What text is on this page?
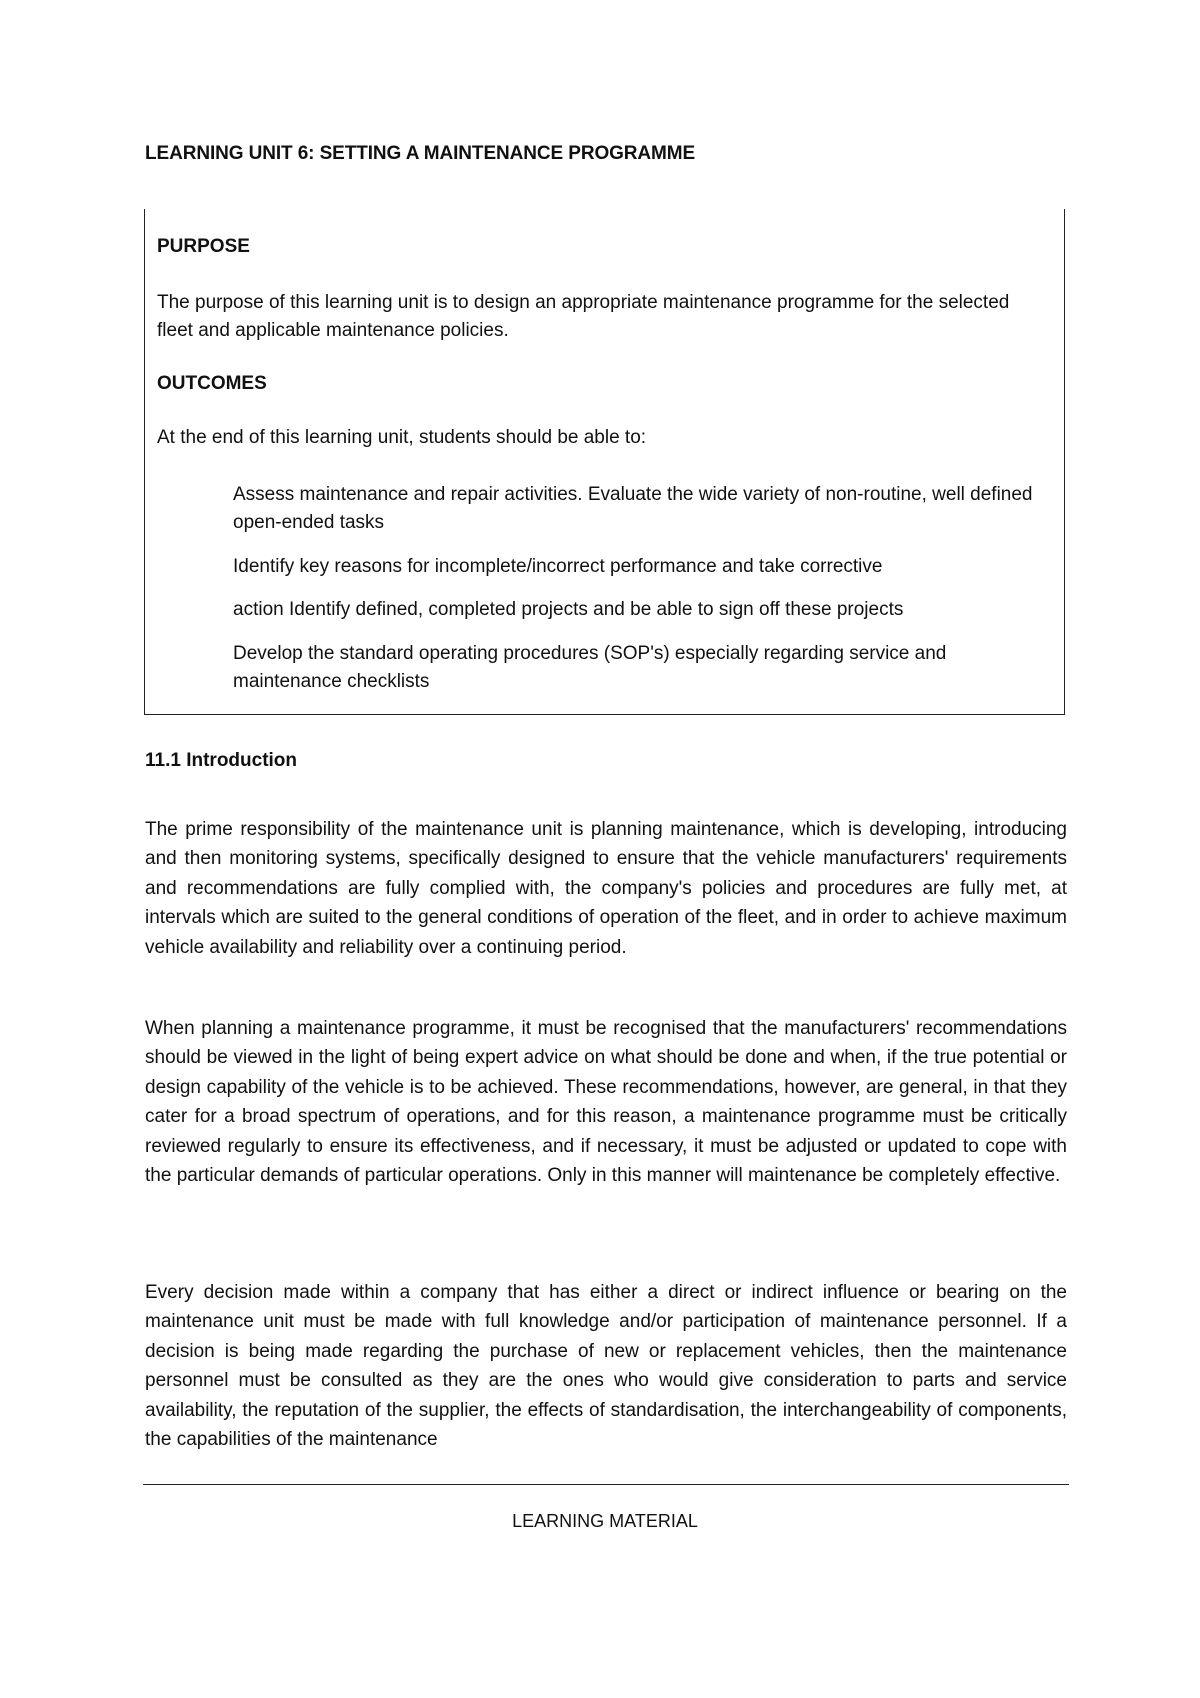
LEARNING UNIT 6: SETTING A MAINTENANCE PROGRAMME
PURPOSE

The purpose of this learning unit is to design an appropriate maintenance programme for the selected fleet and applicable maintenance policies.

OUTCOMES

At the end of this learning unit, students should be able to:

Assess maintenance and repair activities. Evaluate the wide variety of non-routine, well defined open-ended tasks

Identify key reasons for incomplete/incorrect performance and take corrective

action Identify defined, completed projects and be able to sign off these projects

Develop the standard operating procedures (SOP's) especially regarding service and maintenance checklists

11.1 Introduction

The prime responsibility of the maintenance unit is planning maintenance, which is developing, introducing and then monitoring systems, specifically designed to ensure that the vehicle manufacturers' requirements and recommendations are fully complied with, the company's policies and procedures are fully met, at intervals which are suited to the general conditions of operation of the fleet, and in order to achieve maximum vehicle availability and reliability over a continuing period.

When planning a maintenance programme, it must be recognised that the manufacturers' recommendations should be viewed in the light of being expert advice on what should be done and when, if the true potential or design capability of the vehicle is to be achieved. These recommendations, however, are general, in that they cater for a broad spectrum of operations, and for this reason, a maintenance programme must be critically reviewed regularly to ensure its effectiveness, and if necessary, it must be adjusted or updated to cope with the particular demands of particular operations. Only in this manner will maintenance be completely effective.

Every decision made within a company that has either a direct or indirect influence or bearing on the maintenance unit must be made with full knowledge and/or participation of maintenance personnel. If a decision is being made regarding the purchase of new or replacement vehicles, then the maintenance personnel must be consulted as they are the ones who would give consideration to parts and service availability, the reputation of the supplier, the effects of standardisation, the interchangeability of components, the capabilities of the maintenance

LEARNING MATERIAL
